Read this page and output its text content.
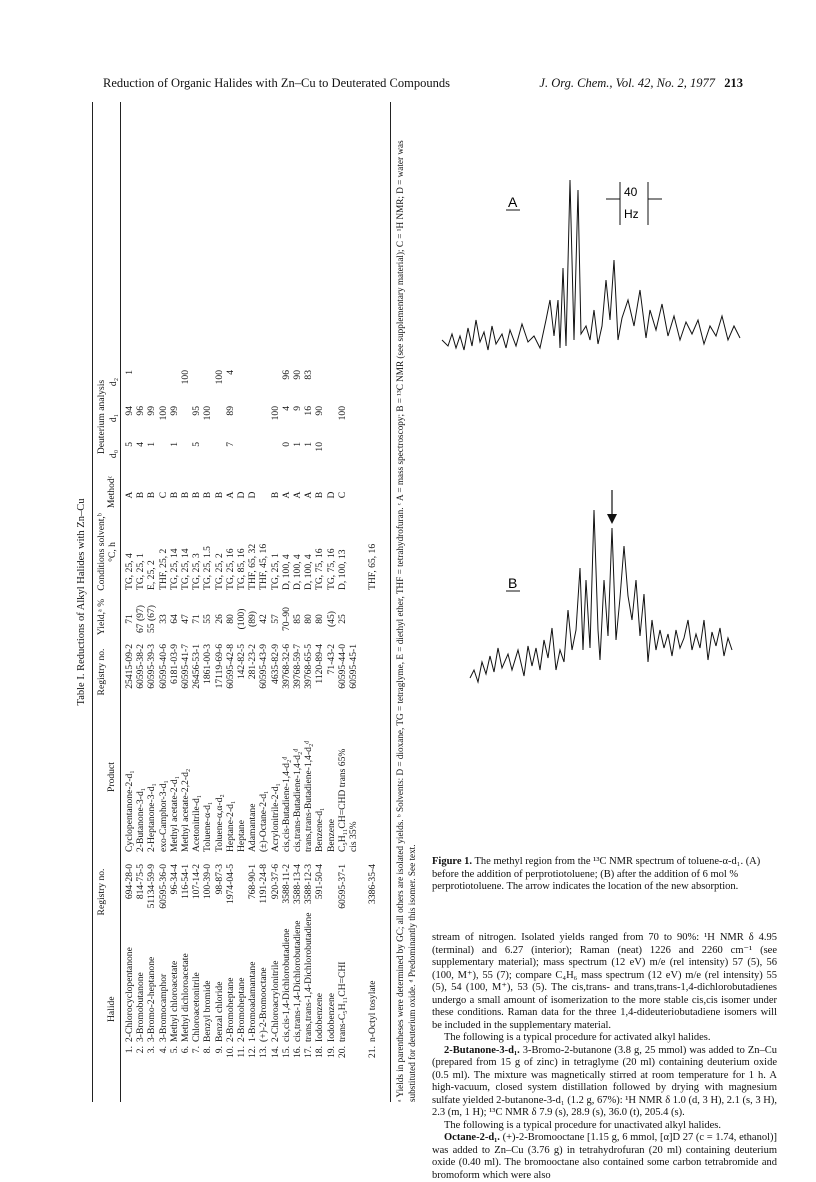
Reduction of Organic Halides with Zn–Cu to Deuterated Compounds	J. Org. Chem., Vol. 42, No. 2, 1977 213
Table I. Reductions of Alkyl Halides with Zn–Cu
Halide
Registry no.
Product
Registry no.
Yield,ᵃ %
Conditions solvent,ᵇ °C, h
Methodᶜ
Deuterium analysis d₀
d₁
d₂
1.
2-Chlorocyclopentanone
694-28-0
Cyclopentanone-2-d₁
25415-09-2
71
TG, 25, 4
A
5
94
1
2.
3-Bromobutanone
814-75-5
2-Butanone-3-d₁
60595-38-2
67 (97)
TG, 25, 1
B
4
96
3.
3-Bromo-2-heptanone
51134-59-9
2-Heptanone-3-d₁
60595-39-3
55 (67)
E, 25, 2
B
1
99
4.
3-Bromocamphor
60595-36-0
exo-Camphor-3-d₁
60595-40-6
33
THF, 25, 2
C
100
5.
Methyl chloroacetate
96-34-4
Methyl acetate-2-d₁
6181-03-9
64
TG, 25, 14
B
1
99
6.
Methyl dichloroacetate
116-54-1
Methyl acetate-2,2-d₂
60595-41-7
47
TG, 25, 14
B
100
7.
Chloroacetonitrile
107-14-2
Acetonitrile-d₁
26456-53-1
71
TG, 25, 3
B
5
95
8.
Benzyl bromide
100-39-0
Toluene-α-d₁
1861-00-3
55
TG, 25, 1.5
B
100
9.
Benzal chloride
98-87-3
Toluene-α,α-d₂
17119-69-6
26
TG, 25, 2
B
100
10.
2-Bromoheptane
1974-04-5
Heptane-2-d₁
60595-42-8
80
TG, 25, 16
A
7
89
4
11.
2-Bromoheptane
Heptane
142-82-5
(100)
TG, 85, 16
D
12.
1-Bromoadamantane
768-90-1
Adamantane
281-23-2
(89)
THF, 65, 32
D
13.
(+)-2-Bromooctane
1191-24-8
(±)-Octane-2-d₁
60595-43-9
42
THF, 45, 16
14.
2-Chloroacrylonitrile
920-37-6
Acrylonitrile-2-d₁
4635-82-9
57
TG, 25, 1
B
100
15.
cis,cis-1,4-Dichlorobutadiene
3588-11-2
cis,cis-Butadiene-1,4-d₂ᵈ
39768-32-6
70–90
D, 100, 4
A
0
4
96
16.
cis,trans-1,4-Dichlorobutadiene
3588-13-4
cis,trans-Butadiene-1,4-d₂ᵈ
39768-59-7
85
D, 100, 4
A
1
9
90
17.
trans,trans-1,4-Dichlorobutadiene
3588-12-3
trans,trans-Butadiene-1,4-d₂ᵈ
39768-65-5
80
D, 100, 4
A
1
16
83
18.
Iodobenzene
591-50-4
Benzene-d₁
1120-89-4
80
TG, 75, 16
B
10
90
19.
Iodobenzene
Benzene
71-43-2
(45)
TG, 75, 16
D
20.
trans-C₅H₁₁CH=CHI
60595-37-1
C₅H₁₁CH=CHD trans 65%
60595-44-0
25
D, 100, 13
C
100
cis 35%
60595-45-1
21.
n-Octyl tosylate
3386-35-4
THF, 65, 16 ᵃ Yields in parentheses were determined by GC; all others are isolated yields. ᵇ Solvents: D = dioxane, TG = tetraglyme, E = diethyl ether, THF = tetrahydrofuran. ᶜ A = mass spectroscopy; B = ¹³C NMR (see supplementary material); C = ¹H NMR; D = water was substituted for deuterium oxide. ᵈ Predominantly this isomer. See text.
A
40
Hz
B
Figure 1. The methyl region from the ¹³C NMR spectrum of toluene-α-d₁. (A) before the addition of perprotiotoluene; (B) after the addition of 6 mol % perprotiotoluene. The arrow indicates the location of the new absorption.

stream of nitrogen. Isolated yields ranged from 70 to 90%: ¹H NMR δ 4.95 (terminal) and 6.27 (interior); Raman (neat) 1226 and 2260 cm⁻¹ (see supplementary material); mass spectrum (12 eV) m/e (rel intensity) 57 (5), 56 (100, M⁺), 55 (7); compare C₄H₆ mass spectrum (12 eV) m/e (rel intensity) 55 (5), 54 (100, M⁺), 53 (5). The cis,trans- and trans,trans-1,4-dichlorobutadienes undergo a small amount of isomerization to the more stable cis,cis isomer under these conditions. Raman data for the three 1,4-dideuteriobutadiene isomers will be included in the supplementary material.

The following is a typical procedure for activated alkyl halides.

2-Butanone-3-d₁. 3-Bromo-2-butanone (3.8 g, 25 mmol) was added to Zn–Cu (prepared from 15 g of zinc) in tetraglyme (20 ml) containing deuterium oxide (0.5 ml). The mixture was magnetically stirred at room temperature for 1 h. A high-vacuum, closed system distillation followed by drying with magnesium sulfate yielded 2-butanone-3-d₁ (1.2 g, 67%): ¹H NMR δ 1.0 (d, 3 H), 2.1 (s, 3 H), 2.3 (m, 1 H); ¹³C NMR δ 7.9 (s), 28.9 (s), 36.0 (t), 205.4 (s).

The following is a typical procedure for unactivated alkyl halides.

Octane-2-d₁. (+)-2-Bromooctane [1.15 g, 6 mmol, [α]D 27 (c = 1.74, ethanol)] was added to Zn–Cu (3.76 g) in tetrahydrofuran (20 ml) containing deuterium oxide (0.40 ml). The bromooctane also contained some carbon tetrabromide and bromoform which were also
